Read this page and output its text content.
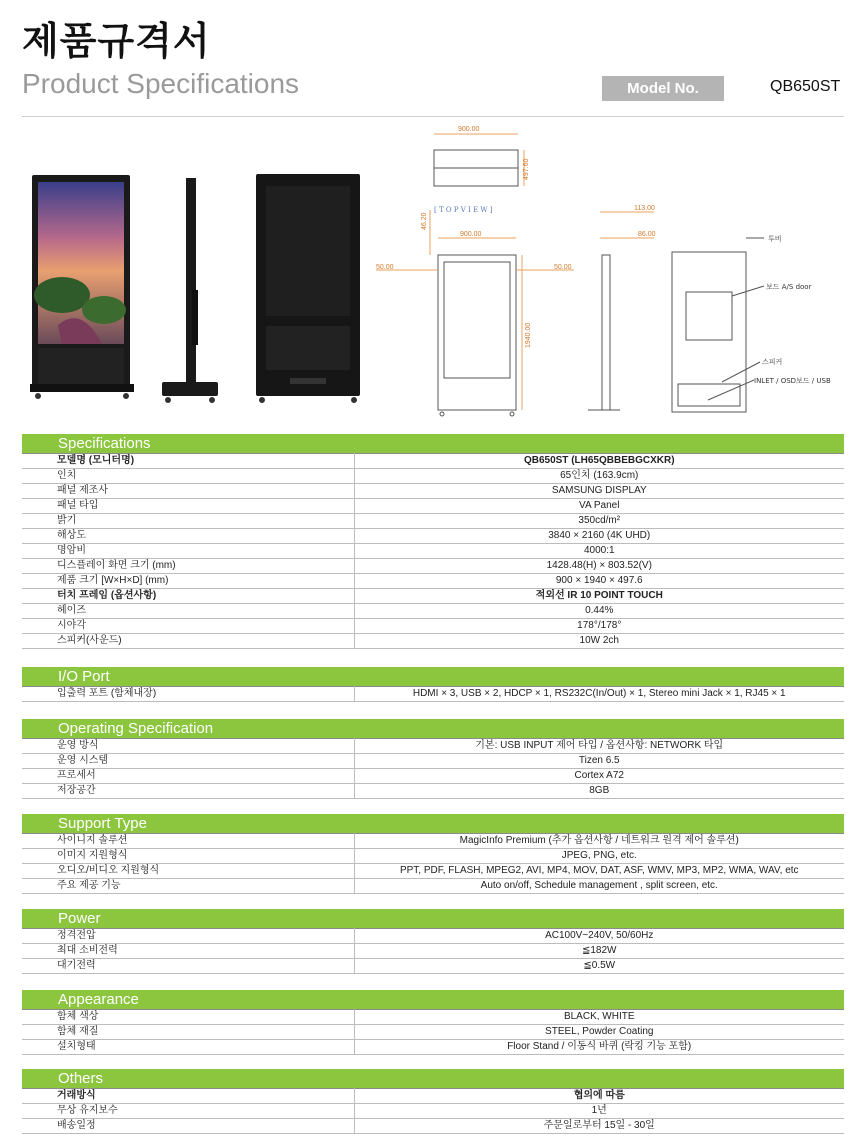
제품규격서
Product Specifications	Model No.	QB650ST
900.00
497.60
[ T O P V I E W ]
900.00
50.00	50.00
1940.00
46.20
113.00
86.00
투비
보드 A/S door
스피커
INLET / OSD보드 / USB
Specifications
모델명 (모니터명)	QB650ST (LH65QBBEBGCXKR)
인치	65인치 (163.9cm)
패널 제조사	SAMSUNG DISPLAY
패널 타입	VA Panel
밝기	350cd/m²
해상도	3840 × 2160 (4K UHD)
명암비	4000:1
디스플레이 화면 크기 (mm)	1428.48(H) × 803.52(V)
제품 크기 [W×H×D] (mm)	900 × 1940 × 497.6
터치 프레임 (옵션사항)	적외선 IR 10 POINT TOUCH
헤이즈	0.44%
시야각	178°/178°
스피커(사운드)	10W 2ch
I/O Port
입출력 포트 (함체내장)	HDMI × 3, USB × 2, HDCP × 1, RS232C(In/Out) × 1, Stereo mini Jack × 1, RJ45 × 1
Operating Specification
운영 방식	기본: USB INPUT 제어 타입 / 옵션사항: NETWORK 타입
운영 시스템	Tizen 6.5
프로세서	Cortex A72
저장공간	8GB
Support Type
사이니지 솔루션	MagicInfo Premium (추가 옵션사항 / 네트워크 원격 제어 솔루션)
이미지 지원형식	JPEG, PNG, etc.
오디오/비디오 지원형식	PPT, PDF, FLASH, MPEG2, AVI, MP4, MOV, DAT, ASF, WMV, MP3, MP2, WMA, WAV, etc
주요 제공 기능	Auto on/off, Schedule management , split screen, etc.
Power
정격전압	AC100V~240V, 50/60Hz
최대 소비전력	≦182W
대기전력	≦0.5W
Appearance
함체 색상	BLACK, WHITE
함체 재질	STEEL, Powder Coating
설치형태	Floor Stand / 이동식 바퀴 (락킹 기능 포함)
Others
거래방식	협의에 따름
무상 유지보수	1년
배송일정	주문일로부터 15일 - 30일
